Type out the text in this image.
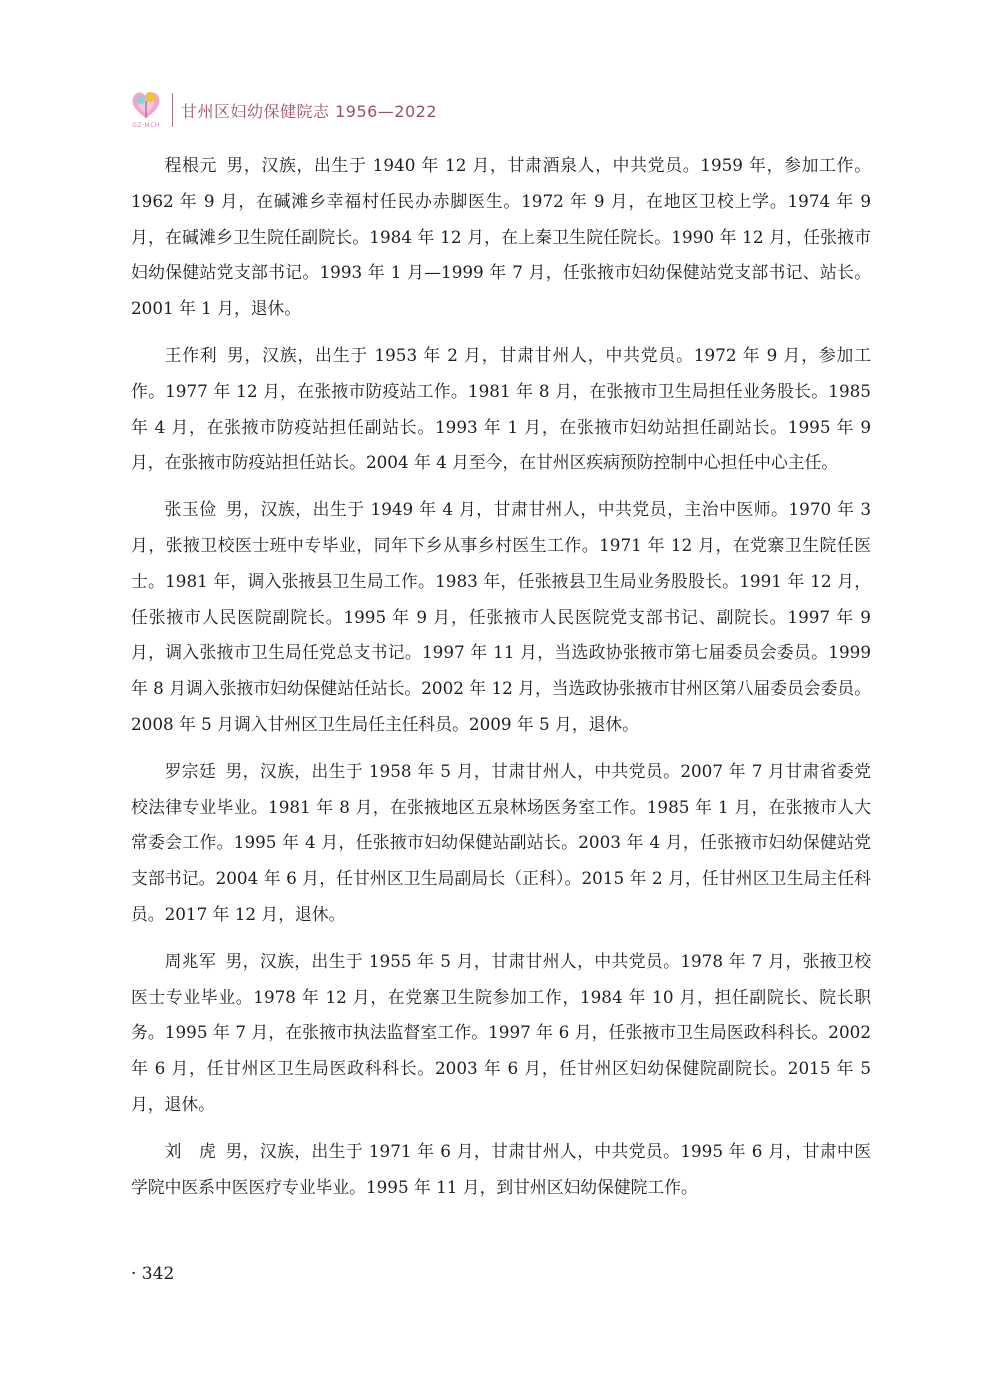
GZ·MCH
甘州区妇幼保健院志 1956—2022

程根元 男，汉族，出生于 1940 年 12 月，甘肃酒泉人，中共党员。1959 年，参加工作。1962 年 9 月，在碱滩乡幸福村任民办赤脚医生。1972 年 9 月，在地区卫校上学。1974 年 9 月，在碱滩乡卫生院任副院长。1984 年 12 月，在上秦卫生院任院长。1990 年 12 月，任张掖市妇幼保健站党支部书记。1993 年 1 月—1999 年 7 月，任张掖市妇幼保健站党支部书记、站长。2001 年 1 月，退休。

王作利 男，汉族，出生于 1953 年 2 月，甘肃甘州人，中共党员。1972 年 9 月，参加工作。1977 年 12 月，在张掖市防疫站工作。1981 年 8 月，在张掖市卫生局担任业务股长。1985 年 4 月，在张掖市防疫站担任副站长。1993 年 1 月，在张掖市妇幼站担任副站长。1995 年 9 月，在张掖市防疫站担任站长。2004 年 4 月至今，在甘州区疾病预防控制中心担任中心主任。

张玉俭 男，汉族，出生于 1949 年 4 月，甘肃甘州人，中共党员，主治中医师。1970 年 3 月，张掖卫校医士班中专毕业，同年下乡从事乡村医生工作。1971 年 12 月，在党寨卫生院任医士。1981 年，调入张掖县卫生局工作。1983 年，任张掖县卫生局业务股股长。1991 年 12 月，任张掖市人民医院副院长。1995 年 9 月，任张掖市人民医院党支部书记、副院长。1997 年 9 月，调入张掖市卫生局任党总支书记。1997 年 11 月，当选政协张掖市第七届委员会委员。1999 年 8 月调入张掖市妇幼保健站任站长。2002 年 12 月，当选政协张掖市甘州区第八届委员会委员。2008 年 5 月调入甘州区卫生局任主任科员。2009 年 5 月，退休。

罗宗廷 男，汉族，出生于 1958 年 5 月，甘肃甘州人，中共党员。2007 年 7 月甘肃省委党校法律专业毕业。1981 年 8 月，在张掖地区五泉林场医务室工作。1985 年 1 月，在张掖市人大常委会工作。1995 年 4 月，任张掖市妇幼保健站副站长。2003 年 4 月，任张掖市妇幼保健站党支部书记。2004 年 6 月，任甘州区卫生局副局长（正科）。2015 年 2 月，任甘州区卫生局主任科员。2017 年 12 月，退休。

周兆军 男，汉族，出生于 1955 年 5 月，甘肃甘州人，中共党员。1978 年 7 月，张掖卫校医士专业毕业。1978 年 12 月，在党寨卫生院参加工作，1984 年 10 月，担任副院长、院长职务。1995 年 7 月，在张掖市执法监督室工作。1997 年 6 月，任张掖市卫生局医政科科长。2002 年 6 月，任甘州区卫生局医政科科长。2003 年 6 月，任甘州区妇幼保健院副院长。2015 年 5 月，退休。

刘　虎 男，汉族，出生于 1971 年 6 月，甘肃甘州人，中共党员。1995 年 6 月，甘肃中医学院中医系中医医疗专业毕业。1995 年 11 月，到甘州区妇幼保健院工作。

· 342
